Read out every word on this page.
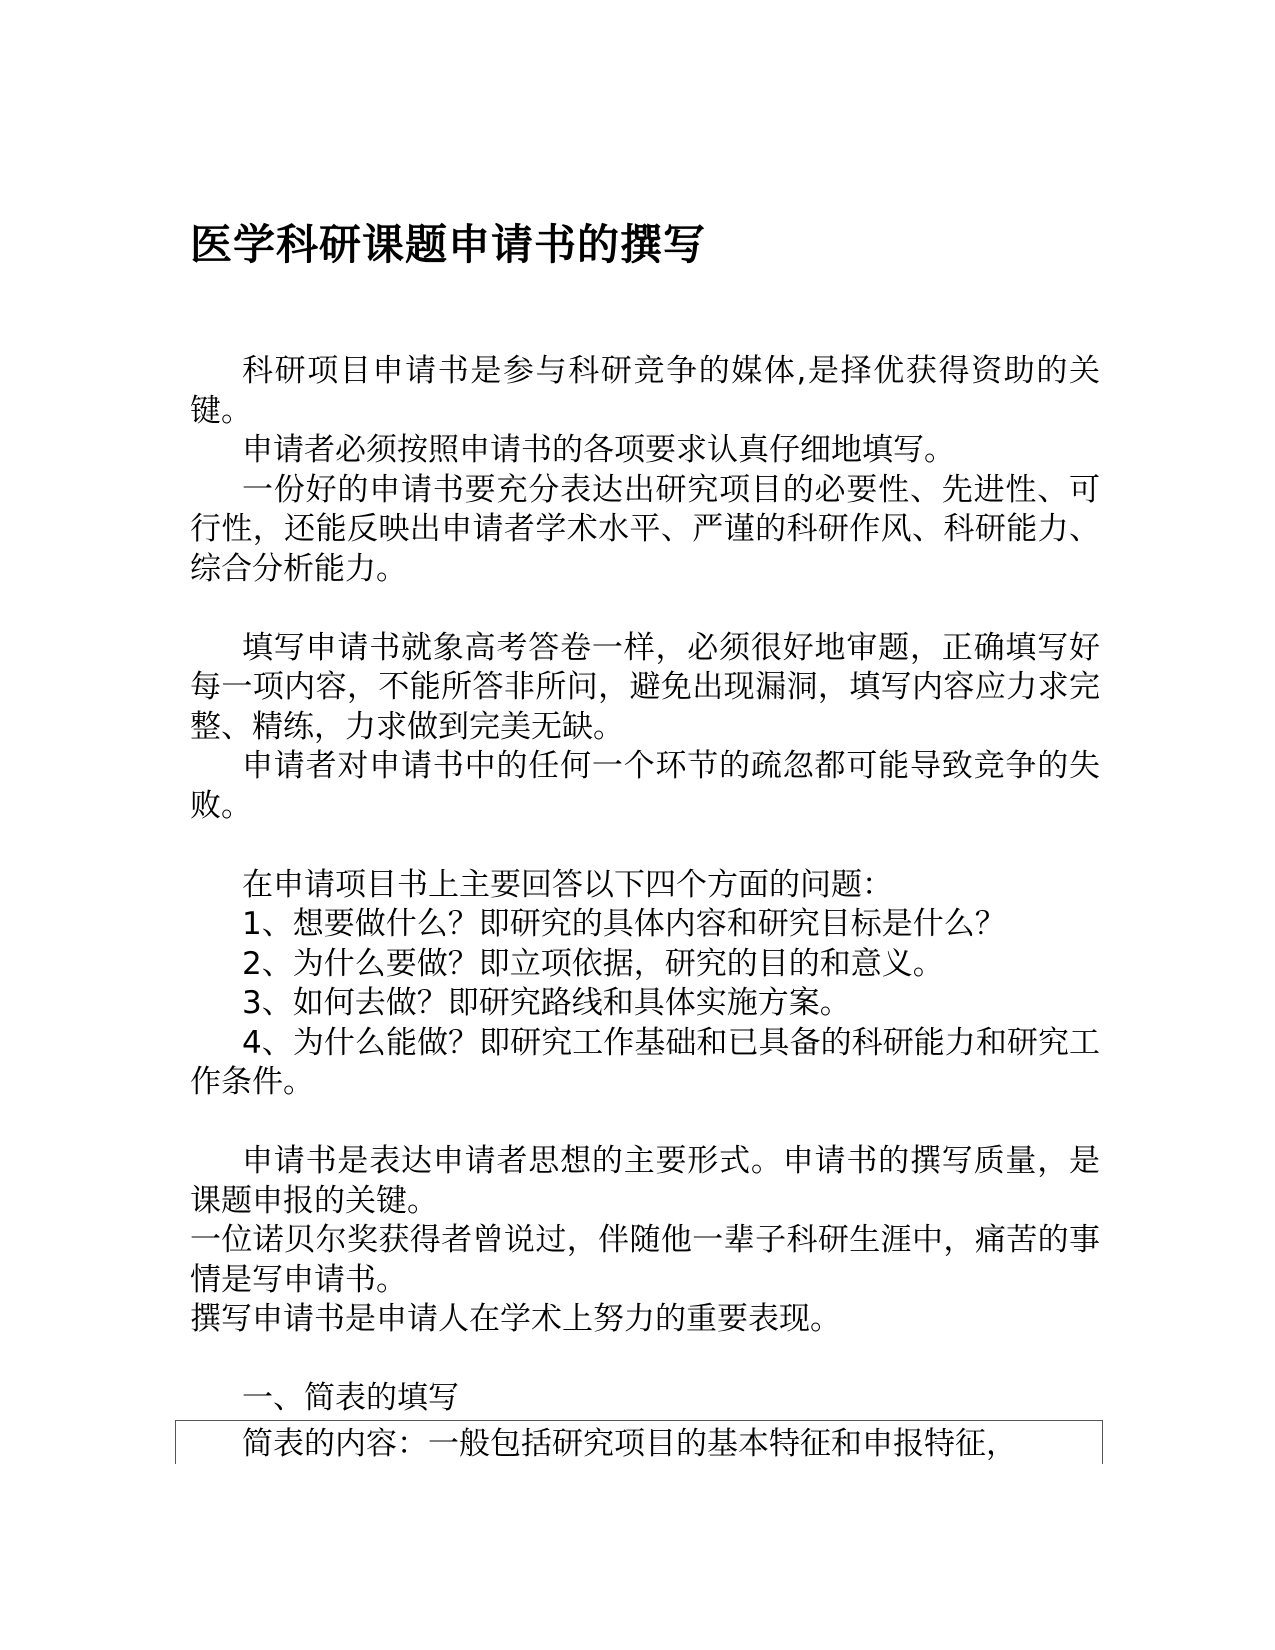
医学科研课题申请书的撰写

科研项目申请书是参与科研竞争的媒体,是择优获得资助的关键。

申请者必须按照申请书的各项要求认真仔细地填写。

一份好的申请书要充分表达出研究项目的必要性、先进性、可行性，还能反映出申请者学术水平、严谨的科研作风、科研能力、综合分析能力。

填写申请书就象高考答卷一样，必须很好地审题，正确填写好每一项内容，不能所答非所问，避免出现漏洞，填写内容应力求完整、精练，力求做到完美无缺。

申请者对申请书中的任何一个环节的疏忽都可能导致竞争的失败。

在申请项目书上主要回答以下四个方面的问题：

1、想要做什么？即研究的具体内容和研究目标是什么？

2、为什么要做？即立项依据，研究的目的和意义。

3、如何去做？即研究路线和具体实施方案。

4、为什么能做？即研究工作基础和已具备的科研能力和研究工作条件。

申请书是表达申请者思想的主要形式。申请书的撰写质量，是课题申报的关键。

一位诺贝尔奖获得者曾说过，伴随他一辈子科研生涯中，痛苦的事情是写申请书。

撰写申请书是申请人在学术上努力的重要表现。

一、简表的填写

简表的内容：一般包括研究项目的基本特征和申报特征，
